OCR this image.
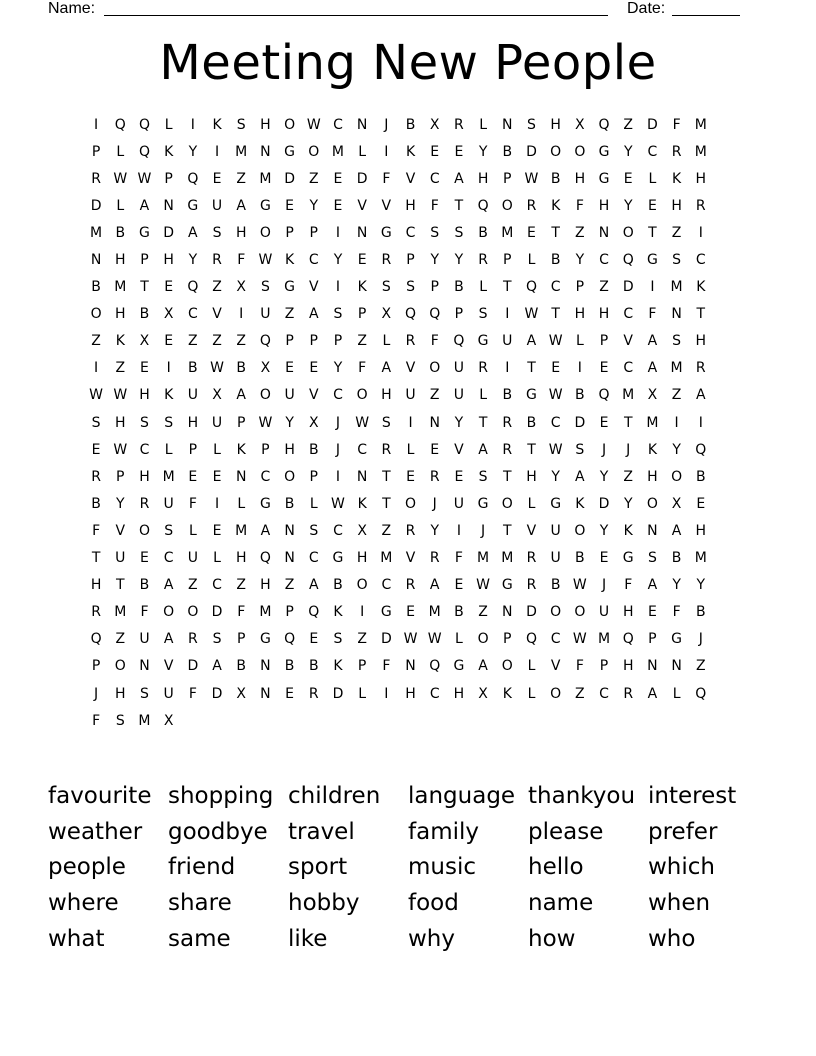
Name:	Date:
Meeting New People
I	Q Q	L	I	K	S	H O W C	N	J	B	X	R	L	N	S	H	X Q Z	D	F	M
P	L	Q	K	Y	I	M N G O M	L	I	K	E	E	Y	B	D O O G	Y	C	R M
R W W P	Q	E	Z M D	Z	E	D	F	V	C	A	H	P W B	H G	E	L	K	H
D	L	A	N G U	A G	E	Y	E	V	V	H	F	T	Q O R	K	F	H	Y	E	H	R
M B G D	A	S	H O	P	P	I	N G C	S	S	B M E	T	Z	N O	T	Z	I
N H	P	H	Y	R	F W K	C	Y	E	R	P	Y	Y	R	P	L	B	Y	C Q G	S	C
B M T	E	Q Z	X	S	G V	I	K	S	S	P	B	L	T	Q C	P	Z	D	I	M K
O H	B	X	C	V	I	U	Z	A	S	P	X Q Q	P	S	I	W T	H H	C	F	N	T
Z	K	X	E	Z	Z	Z Q	P	P	P	Z	L	R	F	Q G U	A W L	P	V	A	S	H
I	Z	E	I	B W B	X	E	E	Y	F	A	V O U	R	I	T	E	I	E	C	A M R
W W H	K	U	X	A O U	V	C O H U	Z	U	L	B G W B Q M X	Z	A
S	H	S	S	H U	P W Y	X	J	W S	I	N	Y	T	R	B	C D	E	T M	I	I
E W C	L	P	L	K	P	H	B	J	C	R	L	E	V	A	R	T W S	J	J	K	Y	Q
R	P	H M E	E	N	C O	P	I	N	T	E	R	E	S	T	H	Y	A	Y	Z	H O B
B	Y	R	U	F	I	L	G B	L W K	T	O	J	U G O	L	G	K	D	Y	O X	E
F	V O	S	L	E M A	N	S	C	X	Z	R	Y	I	J	T	V	U O	Y	K	N	A	H
T	U	E	C	U	L	H Q N	C G H M V	R	F	M M R	U	B	E	G	S	B M
H	T	B	A	Z	C	Z	H	Z	A	B O C	R	A	E W G R	B W	J	F	A	Y	Y
R M	F	O O D	F	M P	Q	K	I	G	E M B	Z	N D O O U H	E	F	B
Q Z	U	A	R	S	P	G Q	E	S	Z	D W W L	O	P	Q C W M Q	P	G	J
P	O N	V	D	A	B	N	B	B	K	P	F	N Q G A O	L	V	F	P	H N N	Z
J	H	S	U	F	D	X	N	E	R D	L	I	H	C	H	X	K	L	O Z	C	R	A	L	Q
F	S M X
favourite shopping children	language thankyou interest
weather	goodbye travel	family	please	prefer
people	friend	sport	music	hello	which
where	share	hobby	food	name	when
what	same	like	why	how	who
